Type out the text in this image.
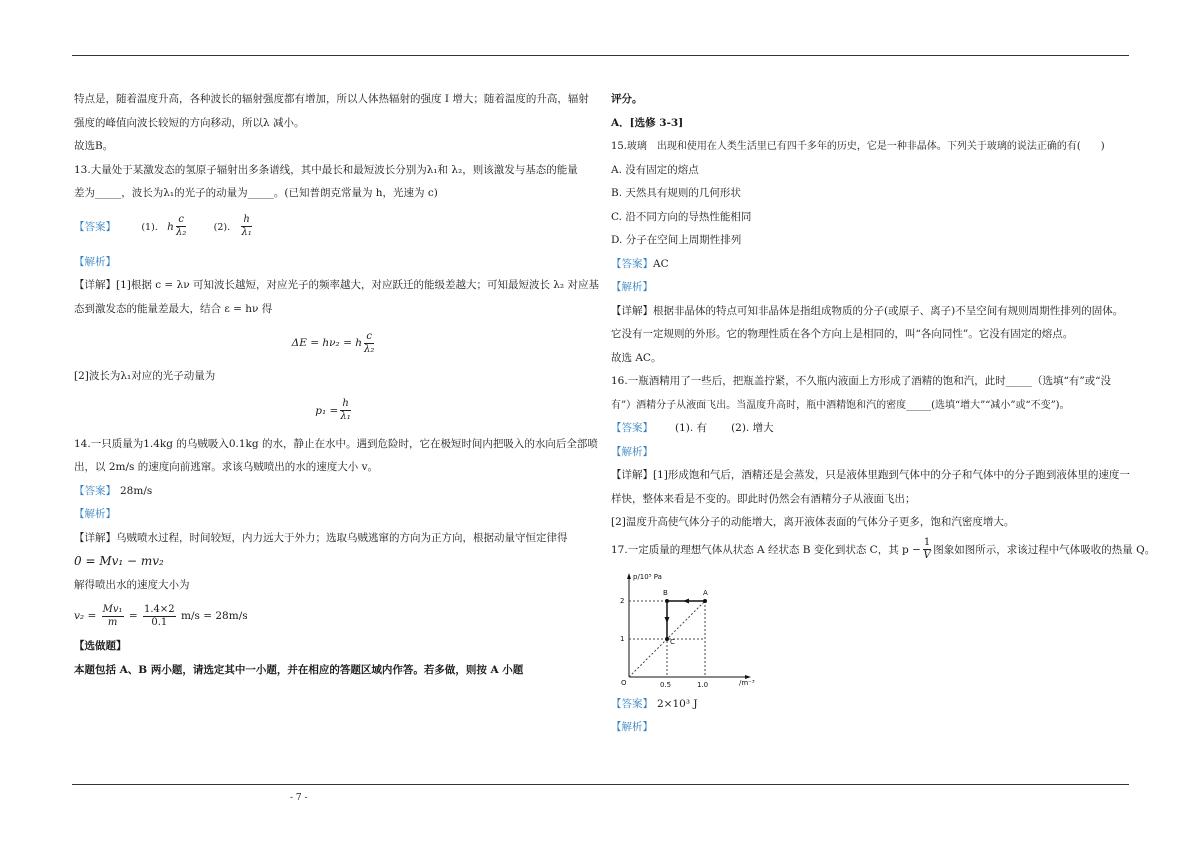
特点是，随着温度升高，各种波长的辐射强度都有增加，所以人体热辐射的强度 I 增大；随着温度的升高，辐射

强度的峰值向波长较短的方向移动，所以λ 减小。

故选B。

13.大量处于某激发态的氢原子辐射出多条谱线，其中最长和最短波长分别为λ₁和 λ₂，则该激发与基态的能量

差为_____，波长为λ₁的光子的动量为_____。(已知普朗克常量为 h，光速为 c)

【答案】	(1). h $\frac{c}{\text{λ₂}}$	(2). $\frac{h}{\text{λ₁}}$

【解析】

【详解】[1]根据 c = λν 可知波长越短，对应光子的频率越大，对应跃迁的能级差越大；可知最短波长 λ₂ 对应基

态到激发态的能量差最大，结合 ε = hν 得

ΔE = hν₂ = h $\frac{c}{\text{λ₂}}$

[2]波长为λ₁对应的光子动量为

$p_1 = \frac{h}{\text{λ₁}}$

14.一只质量为1.4kg 的乌贼吸入0.1kg 的水，静止在水中。遇到危险时，它在极短时间内把吸入的水向后全部喷

出，以 2m/s 的速度向前逃窜。求该乌贼喷出的水的速度大小 v。

【答案】 28m/s

【解析】

【详解】乌贼喷水过程，时间较短，内力远大于外力；选取乌贼逃窜的方向为正方向，根据动量守恒定律得

0 = Mv₁ − mv₂

解得喷出水的速度大小为

$v_2 = \frac{\text{Mv₁}}{m} = \frac{1.4\times 2}{0.1} m/s = 28m/s$

【选做题】

本题包括 A、B 两小题，请选定其中一小题，并在相应的答题区域内作答。若多做，则按 A 小题

评分。

A．[选修 3-3]

15.玻璃　出现和使用在人类生活里已有四千多年的历史，它是一种非晶体。下列关于玻璃的说法正确的有(　　)

A. 没有固定的熔点

B. 天然具有规则的几何形状

C. 沿不同方向的导热性能相同

D. 分子在空间上周期性排列

【答案】AC

【解析】

【详解】根据非晶体的特点可知非晶体是指组成物质的分子(或原子、离子)不呈空间有规则周期性排列的固体。

它没有一定规则的外形。它的物理性质在各个方向上是相同的，叫“各向同性”。它没有固定的熔点。

故选 AC。

16.一瓶酒精用了一些后，把瓶盖拧紧，不久瓶内液面上方形成了酒精的饱和汽，此时_____（选填“有”或“没

有”）酒精分子从液面飞出。当温度升高时，瓶中酒精饱和汽的密度_____(选填“增大”“减小”或“不变”)。

【答案】 (1). 有 (2). 增大

【解析】

【详解】[1]形成饱和气后，酒精还是会蒸发，只是液体里跑到气体中的分子和气体中的分子跑到液体里的速度一

样快，整体来看是不变的。即此时仍然会有酒精分子从液面飞出；

[2]温度升高使气体分子的动能增大，离开液体表面的气体分子更多，饱和汽密度增大。

17.一定质量的理想气体从状态 A 经状态 B 变化到状态 C，其 $p - \frac{1}{V}$ 图象如图所示，求该过程中气体吸收的热量 Q。

p/10⁵ Pa
/m⁻³
O
B	A
C
2
1
0.5	1.0

【答案】 2×10³ J

【解析】

- 7 -
